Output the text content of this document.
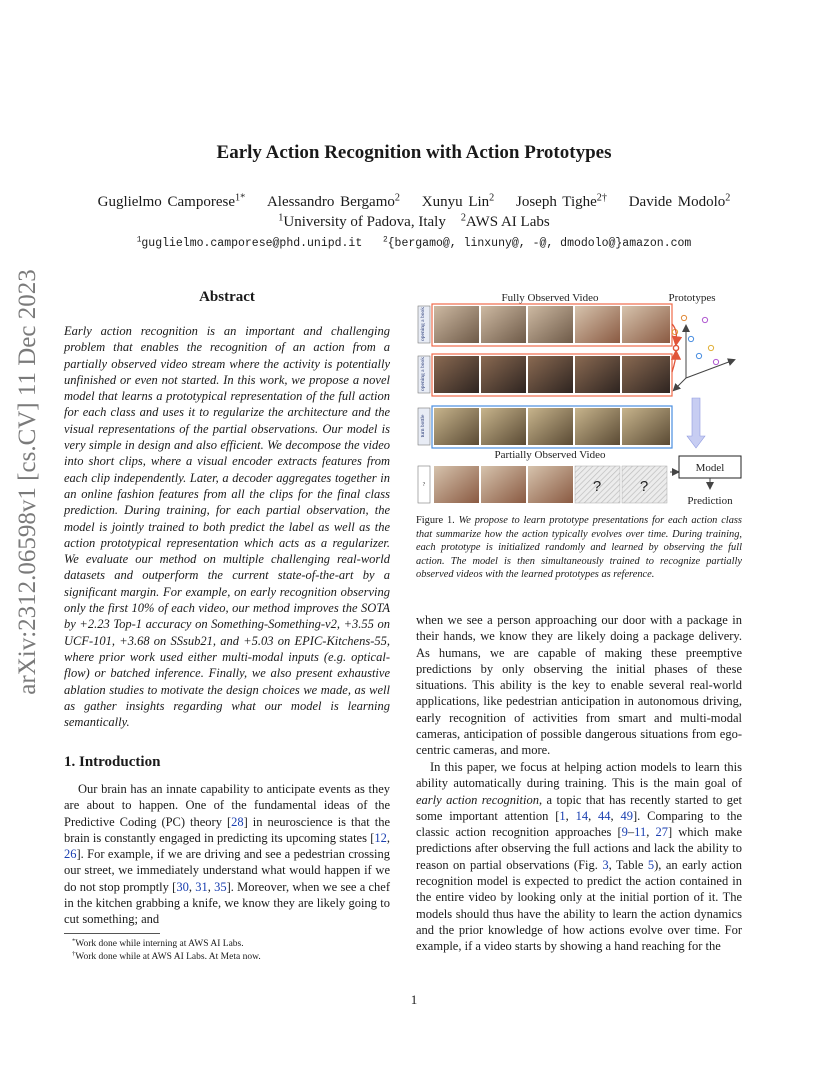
arXiv:2312.06598v1 [cs.CV] 11 Dec 2023
Early Action Recognition with Action Prototypes
Guglielmo Camporese$^{1*}$ Alessandro Bergamo$^2$ Xunyu Lin$^2$ Joseph Tighe$^{2\dagger}$ Davide Modolo$^2$
$^1$University of Padova, Italy $^2$AWS AI Labs
$^1$guglielmo.camporese@phd.unipd.it	$^2${bergamo@, linxuny@, -@, dmodolo@}amazon.com
Abstract

Early action recognition is an important and challenging problem that enables the recognition of an action from a partially observed video stream where the activity is potentially unfinished or even not started. In this work, we propose a novel model that learns a prototypical representation of the full action for each class and uses it to regularize the architecture and the visual representations of the partial observations. Our model is very simple in design and also efficient. We decompose the video into short clips, where a visual encoder extracts features from each clip independently. Later, a decoder aggregates together in an online fashion features from all the clips for the final class prediction. During training, for each partial observation, the model is jointly trained to both predict the label as well as the action prototypical representation which acts as a regularizer. We evaluate our method on multiple challenging real-world datasets and outperform the current state-of-the-art by a significant margin. For example, on early recognition observing only the first 10% of each video, our method improves the SOTA by +2.23 Top-1 accuracy on Something-Something-v2, +3.55 on UCF-101, +3.68 on SSsub21, and +5.03 on EPIC-Kitchens-55, where prior work used either multi-modal inputs (e.g. optical-flow) or batched inference. Finally, we also present exhaustive ablation studies to motivate the design choices we made, as well as gather insights regarding what our model is learning semantically.

1. Introduction

Our brain has an innate capability to anticipate events as they are about to happen. One of the fundamental ideas of the Predictive Coding (PC) theory [28] in neuroscience is that the brain is constantly engaged in predicting its upcoming states [12, 26]. For example, if we are driving and see a pedestrian crossing our street, we immediately understand what would happen if we do not stop promptly [30, 31, 35]. Moreover, when we see a chef in the kitchen grabbing a knife, we know they are likely going to cut something; and

*Work done while interning at AWS AI Labs.
†Work done while at AWS AI Labs. At Meta now.
Fully Observed Video	Prototypes
opening a book
opening a book
turn bottle
?
Partially Observed Video
?	?
Model
Prediction
Figure 1. We propose to learn prototype presentations for each action class that summarize how the action typically evolves over time. During training, each prototype is initialized randomly and learned by observing the full action. The model is then simultaneously trained to recognize partially observed videos with the learned prototypes as reference.

when we see a person approaching our door with a package in their hands, we know they are likely doing a package delivery. As humans, we are capable of making these preemptive predictions by only observing the initial phases of these situations. This ability is the key to enable several real-world applications, like pedestrian anticipation in autonomous driving, early recognition of activities from smart and multi-modal cameras, anticipation of possible dangerous situations from ego-centric cameras, and more.

In this paper, we focus at helping action models to learn this ability automatically during training. This is the main goal of early action recognition, a topic that has recently started to get some important attention [1, 14, 44, 49]. Comparing to the classic action recognition approaches [9–11, 27] which make predictions after observing the full actions and lack the ability to reason on partial observations (Fig. 3, Table 5), an early action recognition model is expected to predict the action contained in the entire video by looking only at the initial portion of it. The models should thus have the ability to learn the action dynamics and the prior knowledge of how actions evolve over time. For example, if a video starts by showing a hand reaching for the

1
